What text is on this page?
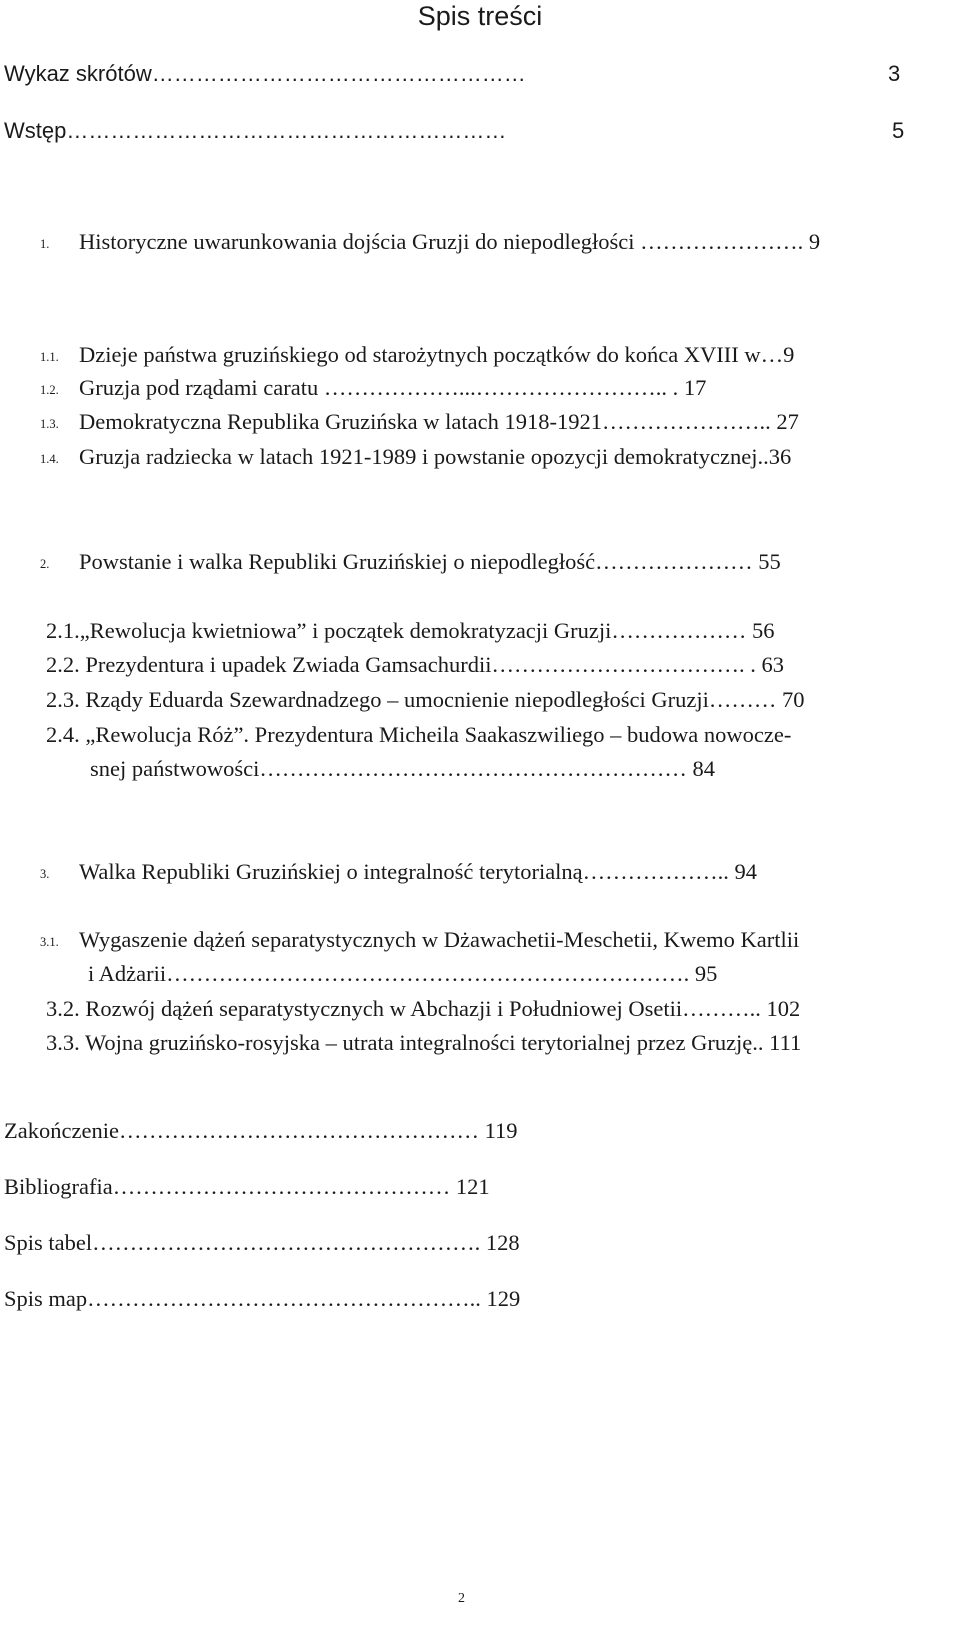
Spis treści
Wykaz skrótów……………………………………………	3
Wstęp……………………………………………………	5
1. Historyczne uwarunkowania dojścia Gruzji do niepodległości …………………. 9
1.1. Dzieje państwa gruzińskiego od starożytnych początków do końca XVIII w…9
1.2. Gruzja pod rządami caratu ………………...…………………….. . 17
1.3. Demokratyczna Republika Gruzińska w latach 1918-1921………………….. 27
1.4. Gruzja radziecka w latach 1921-1989 i powstanie opozycji demokratycznej..36
2. Powstanie i walka Republiki Gruzińskiej o niepodległość………………… 55
2.1.„Rewolucja kwietniowa” i początek demokratyzacji Gruzji……………… 56
2.2. Prezydentura i upadek Zwiada Gamsachurdii……………………………. . 63
2.3. Rządy Eduarda Szewardnadzego – umocnienie niepodległości Gruzji……… 70
2.4. „Rewolucja Róż”. Prezydentura Micheila Saakaszwiliego – budowa nowocze-
snej państwowości………………………………………………… 84
3. Walka Republiki Gruzińskiej o integralność terytorialną……………….. 94
3.1. Wygaszenie dążeń separatystycznych w Dżawachetii-Meschetii, Kwemo Kartlii
i Adżarii……………………………………………………………. 95
3.2. Rozwój dążeń separatystycznych w Abchazji i Południowej Osetii……….. 102
3.3. Wojna gruzińsko-rosyjska – utrata integralności terytorialnej przez Gruzję.. 111
Zakończenie………………………………………… 119
Bibliografia……………………………………… 121
Spis tabel……………………………………………. 128
Spis map…………………………………………….. 129
2
